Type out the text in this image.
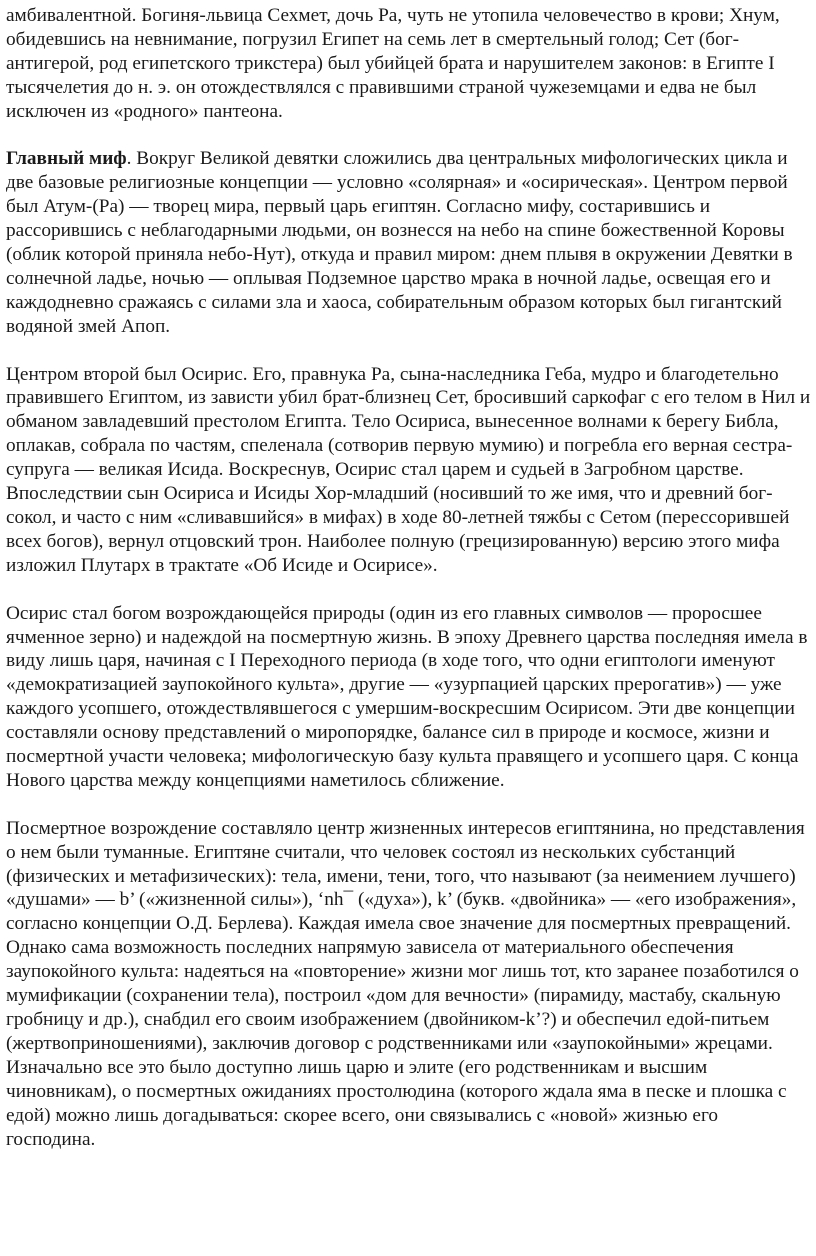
амбивалентной. Богиня-львица Сехмет, дочь Ра, чуть не утопила человечество в крови; Хнум, обидевшись на невнимание, погрузил Египет на семь лет в смертельный голод; Сет (бог-антигерой, род египетского трикстера) был убийцей брата и нарушителем законов: в Египте I тысячелетия до н. э. он отождествлялся с правившими страной чужеземцами и едва не был исключен из «родного» пантеона.

Главный миф. Вокруг Великой девятки сложились два центральных мифологических цикла и две базовые религиозные концепции — условно «солярная» и «осирическая». Центром первой был Атум-(Ра) — творец мира, первый царь египтян. Согласно мифу, состарившись и рассорившись с неблагодарными людьми, он вознесся на небо на спине божественной Коровы (облик которой приняла небо-Нут), откуда и правил миром: днем плывя в окружении Девятки в солнечной ладье, ночью — оплывая Подземное царство мрака в ночной ладье, освещая его и каждодневно сражаясь с силами зла и хаоса, собирательным образом которых был гигантский водяной змей Апоп.

Центром второй был Осирис. Его, правнука Ра, сына-наследника Геба, мудро и благодетельно правившего Египтом, из зависти убил брат-близнец Сет, бросивший саркофаг с его телом в Нил и обманом завладевший престолом Египта. Тело Осириса, вынесенное волнами к берегу Библа, оплакав, собрала по частям, спеленала (сотворив первую мумию) и погребла его верная сестра-супруга — великая Исида. Воскреснув, Осирис стал царем и судьей в Загробном царстве. Впоследствии сын Осириса и Исиды Хор-младший (носивший то же имя, что и древний бог-сокол, и часто с ним «сливавшийся» в мифах) в ходе 80-летней тяжбы с Сетом (перессорившей всех богов), вернул отцовский трон. Наиболее полную (грецизированную) версию этого мифа изложил Плутарх в трактате «Об Исиде и Осирисе».

Осирис стал богом возрождающейся природы (один из его главных символов — проросшее ячменное зерно) и надеждой на посмертную жизнь. В эпоху Древнего царства последняя имела в виду лишь царя, начиная с I Переходного периода (в ходе того, что одни египтологи именуют «демократизацией заупокойного культа», другие — «узурпацией царских прерогатив») — уже каждого усопшего, отождествлявшегося с умершим-воскресшим Осирисом. Эти две концепции составляли основу представлений о миропорядке, балансе сил в природе и космосе, жизни и посмертной участи человека; мифологическую базу культа правящего и усопшего царя. С конца Нового царства между концепциями наметилось сближение.

Посмертное возрождение составляло центр жизненных интересов египтянина, но представления о нем были туманные. Египтяне считали, что человек состоял из нескольких субстанций (физических и метафизических): тела, имени, тени, того, что называют (за неимением лучшего) «душами» — b’ («жизненной силы»), ‘nh¯ («духа»), k’ (букв. «двойника» — «его изображения», согласно концепции О.Д. Берлева). Каждая имела свое значение для посмертных превращений. Однако сама возможность последних напрямую зависела от материального обеспечения заупокойного культа: надеяться на «повторение» жизни мог лишь тот, кто заранее позаботился о мумификации (сохранении тела), построил «дом для вечности» (пирамиду, мастабу, скальную гробницу и др.), снабдил его своим изображением (двойником-k’?) и обеспечил едой-питьем (жертвоприношениями), заключив договор с родственниками или «заупокойными» жрецами. Изначально все это было доступно лишь царю и элите (его родственникам и высшим чиновникам), о посмертных ожиданиях простолюдина (которого ждала яма в песке и плошка с едой) можно лишь догадываться: скорее всего, они связывались с «новой» жизнью его господина.
